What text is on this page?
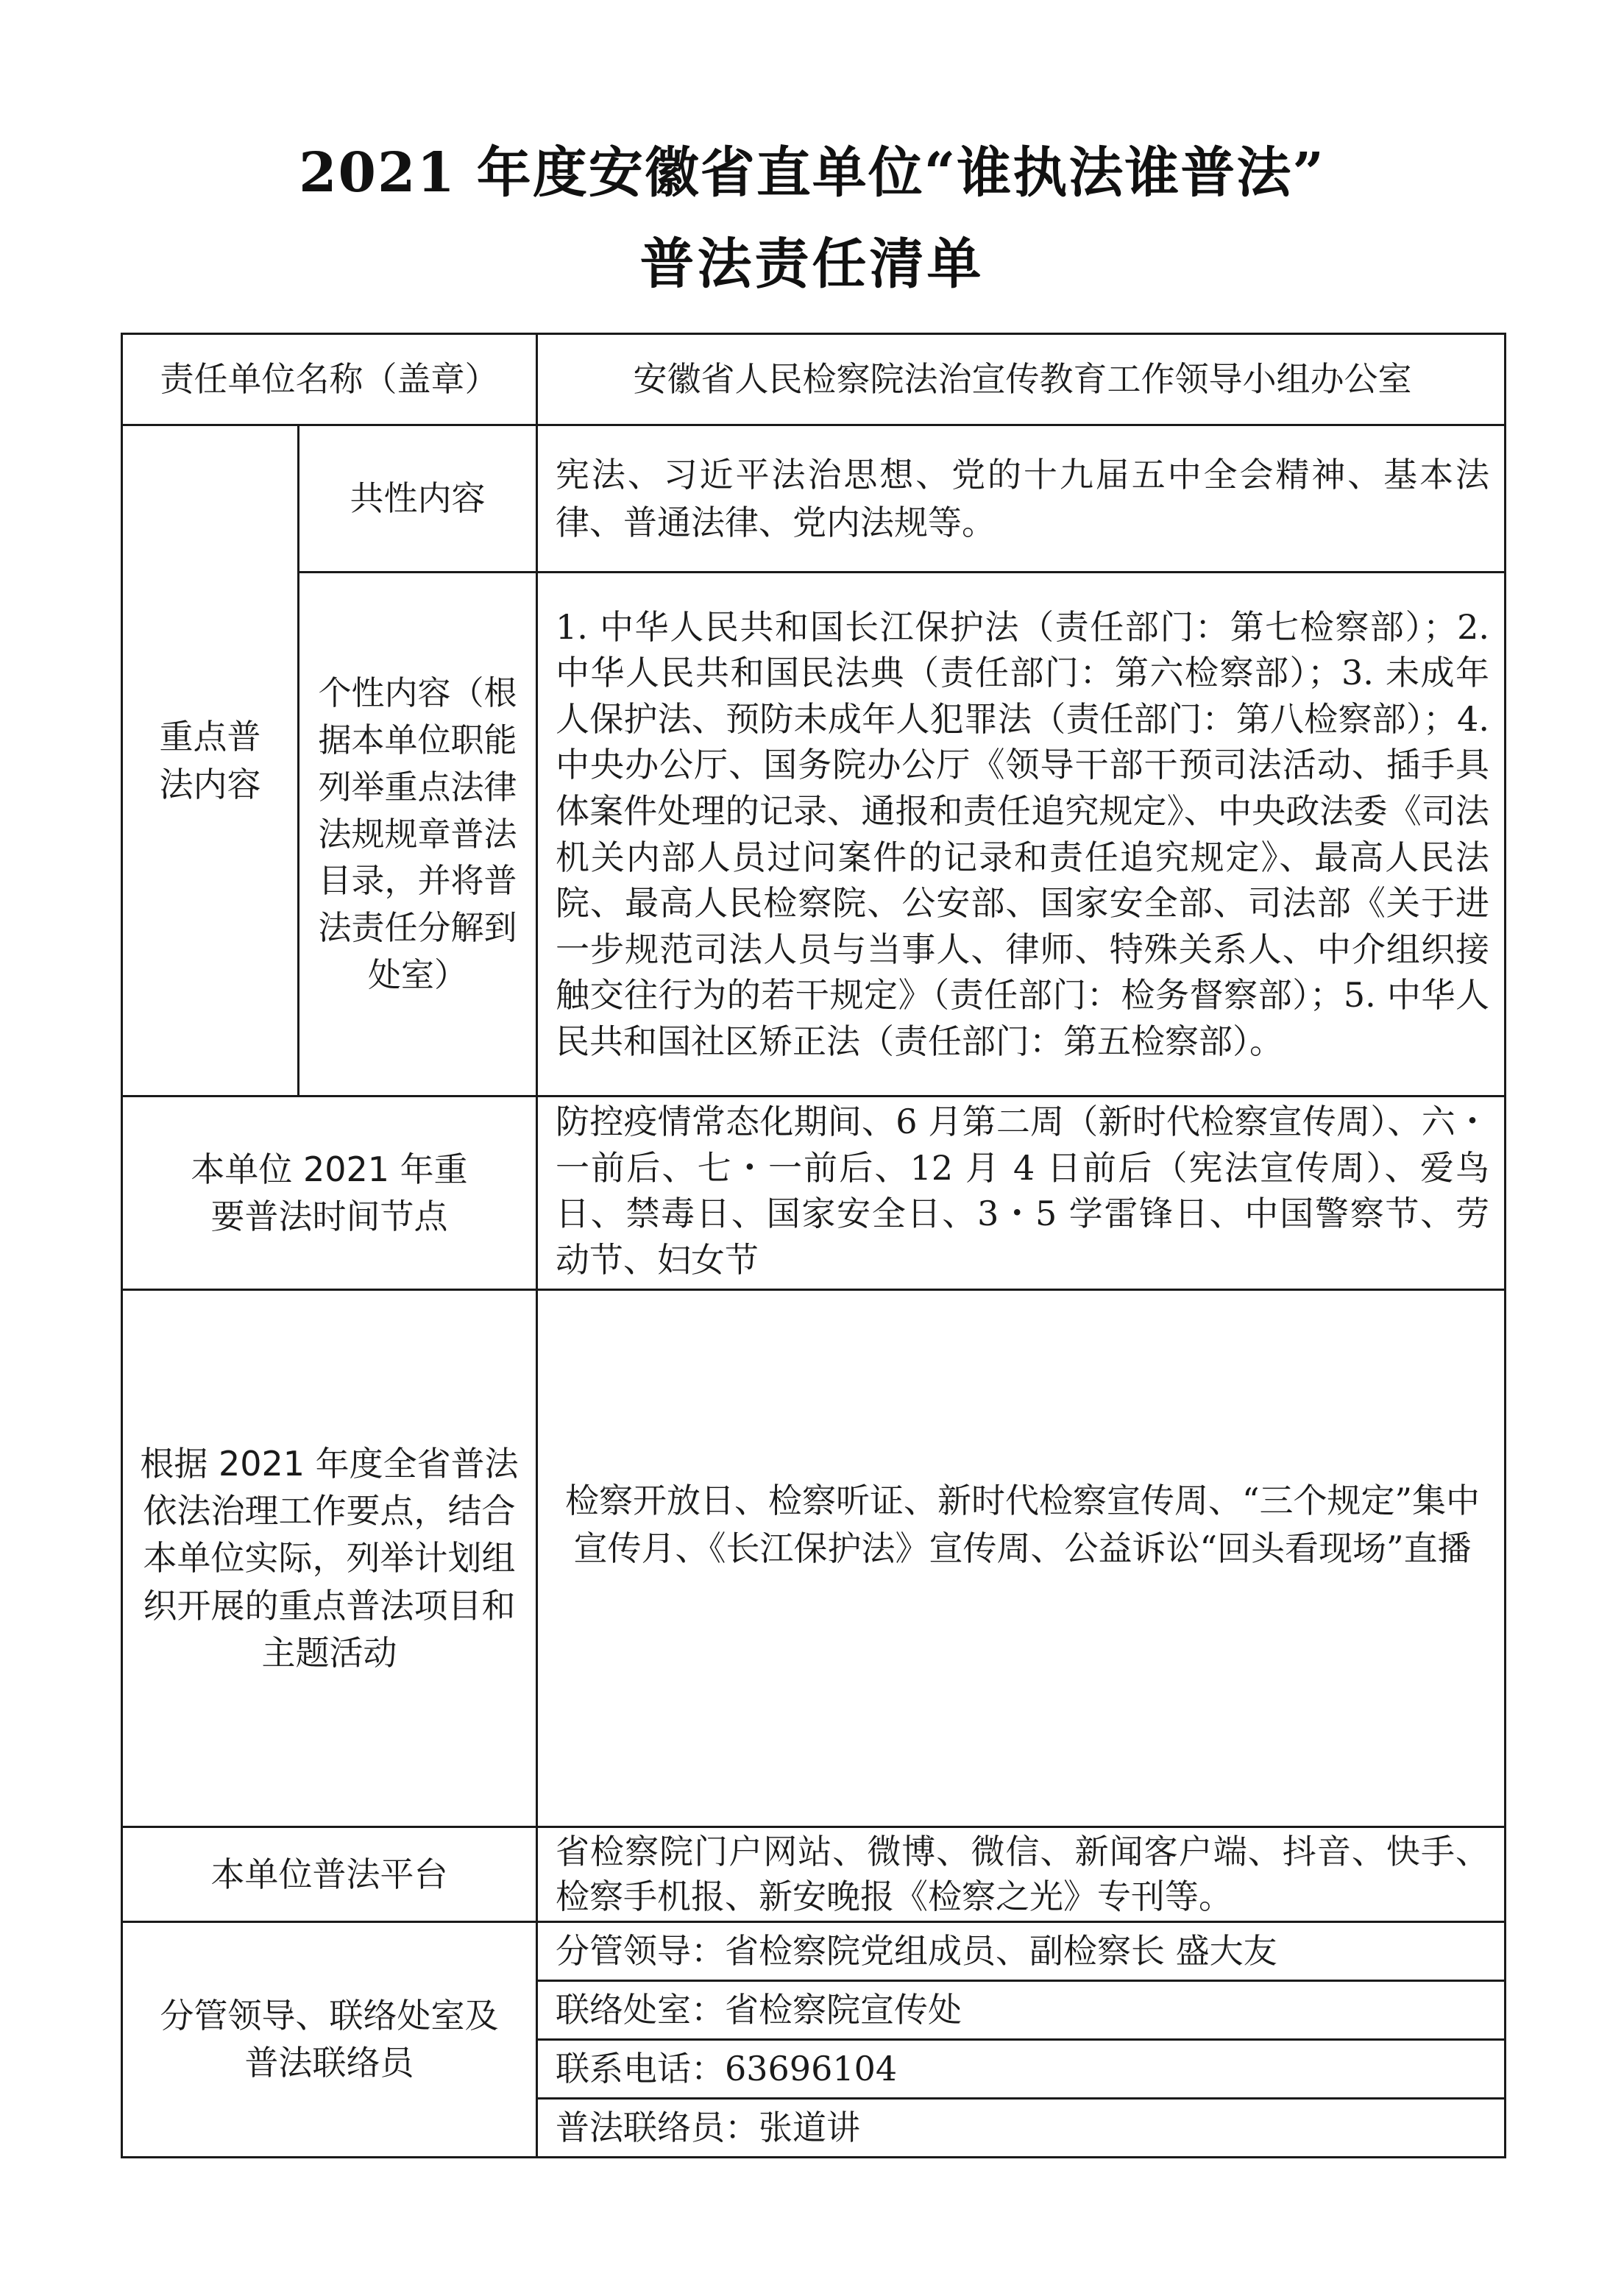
2021 年度安徽省直单位“谁执法谁普法”
普法责任清单
责任单位名称（盖章）		安徽省人民检察院法治宣传教育工作领导小组办公室
重点普法内容	共性内容	宪法、习近平法治思想、党的十九届五中全会精神、基本法律、普通法律、党内法规等。
	个性内容（根据本单位职能列举重点法律法规规章普法目录，并将普法责任分解到处室）	1. 中华人民共和国长江保护法（责任部门：第七检察部）；2. 中华人民共和国民法典（责任部门：第六检察部）；3. 未成年人保护法、预防未成年人犯罪法（责任部门：第八检察部）；4. 中央办公厅、国务院办公厅《领导干部干预司法活动、插手具体案件处理的记录、通报和责任追究规定》、中央政法委《司法机关内部人员过问案件的记录和责任追究规定》、最高人民法院、最高人民检察院、公安部、国家安全部、司法部《关于进一步规范司法人员与当事人、律师、特殊关系人、中介组织接触交往行为的若干规定》（责任部门：检务督察部）；5. 中华人民共和国社区矫正法（责任部门：第五检察部）。
本单位 2021 年重要普法时间节点		防控疫情常态化期间、6 月第二周（新时代检察宣传周）、六・一前后、七・一前后、12 月 4 日前后（宪法宣传周）、爱鸟日、禁毒日、国家安全日、3・5 学雷锋日、中国警察节、劳动节、妇女节
根据 2021 年度全省普法依法治理工作要点，结合本单位实际，列举计划组织开展的重点普法项目和主题活动		检察开放日、检察听证、新时代检察宣传周、“三个规定”集中宣传月、《长江保护法》宣传周、公益诉讼“回头看现场”直播
本单位普法平台		省检察院门户网站、微博、微信、新闻客户端、抖音、快手、检察手机报、新安晚报《检察之光》专刊等。
分管领导、联络处室及普法联络员		分管领导：省检察院党组成员、副检察长 盛大友
联络处室：省检察院宣传处
联系电话：63696104
普法联络员：张道讲
